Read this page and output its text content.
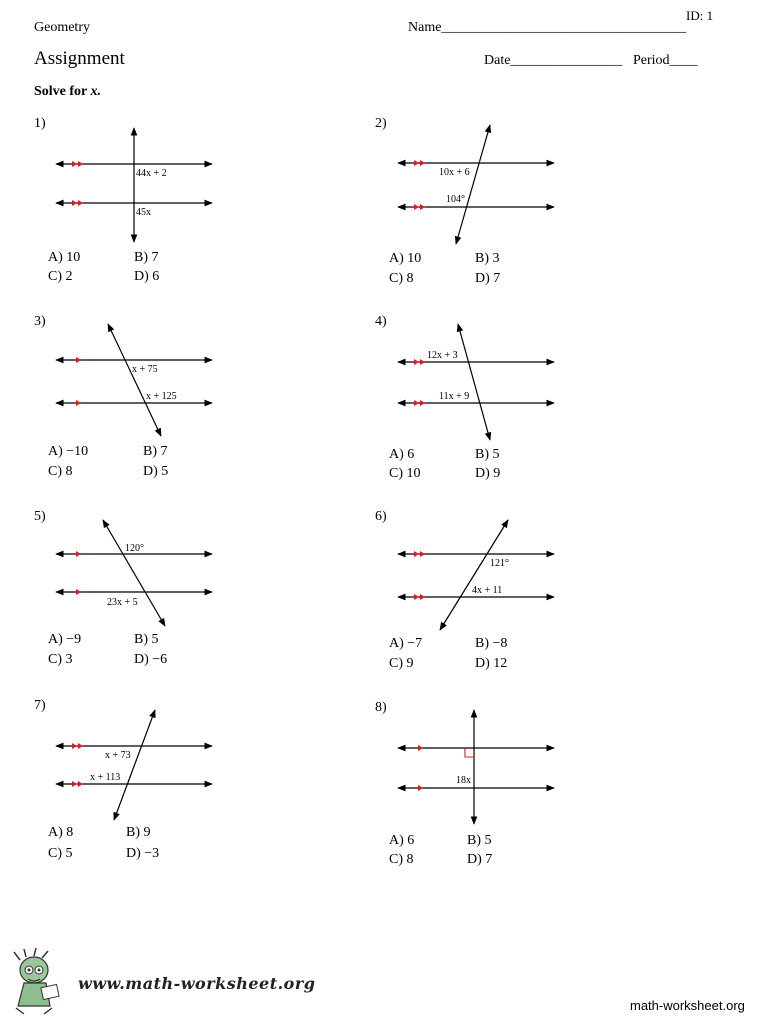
Geometry
ID: 1
Name___________________________________
Assignment	Date________________ Period____
Solve for x.
1)
44x + 2
45x
A) 10	B) 7
C) 2	D) 6
2)
10x + 6
104°
A) 10	B) 3
C) 8	D) 7
3)
x + 75
x + 125
A) −10	B) 7
C) 8	D) 5
4)
12x + 3
11x + 9
A) 6	B) 5
C) 10	D) 9
5)
120°
23x + 5
A) −9	B) 5
C) 3	D) −6
6)
121°
4x + 11
A) −7	B) −8
C) 9	D) 12
7)
x + 73
x + 113
A) 8	B) 9
C) 5	D) −3
8)
18x
A) 6	B) 5
C) 8	D) 7
www.math-worksheet.org
math-worksheet.org
